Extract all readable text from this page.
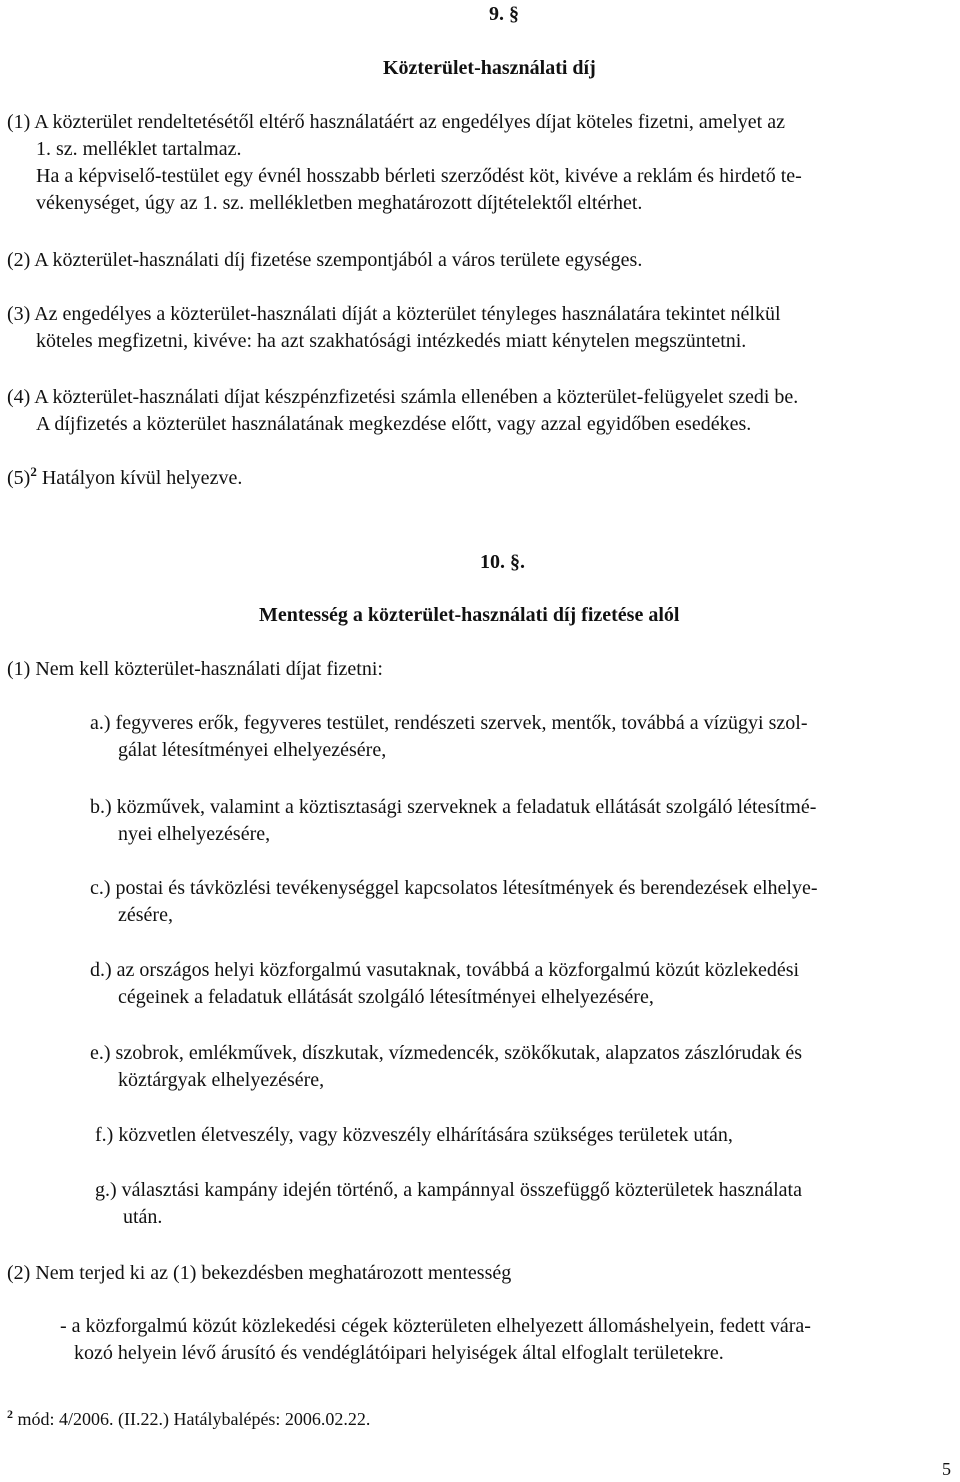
9. §
Közterület-használati díj
(1) A közterület rendeltetésétől eltérő használatáért az engedélyes díjat köteles fizetni, amelyet az
1. sz. melléklet tartalmaz.
Ha a képviselő-testület egy évnél hosszabb bérleti szerződést köt, kivéve a reklám és hirdető te-
vékenységet, úgy az 1. sz. mellékletben meghatározott díjtételektől eltérhet.
(2) A közterület-használati díj fizetése szempontjából a város területe egységes.
(3) Az engedélyes a közterület-használati díját a közterület tényleges használatára tekintet nélkül
köteles megfizetni, kivéve: ha azt szakhatósági intézkedés miatt kénytelen megszüntetni.
(4) A közterület-használati díjat készpénzfizetési számla ellenében a közterület-felügyelet szedi be.
A díjfizetés a közterület használatának megkezdése előtt, vagy azzal egyidőben esedékes.
$(5)^2$ Hatályon kívül helyezve.
10. §.
Mentesség a közterület-használati díj fizetése alól
(1) Nem kell közterület-használati díjat fizetni:
a.) fegyveres erők, fegyveres testület, rendészeti szervek, mentők, továbbá a vízügyi szol-
gálat létesítményei elhelyezésére,
b.) közművek, valamint a köztisztasági szerveknek a feladatuk ellátását szolgáló létesítmé-
nyei elhelyezésére,
c.) postai és távközlési tevékenységgel kapcsolatos létesítmények és berendezések elhelye-
zésére,
d.) az országos helyi közforgalmú vasutaknak, továbbá a közforgalmú közút közlekedési
cégeinek a feladatuk ellátását szolgáló létesítményei elhelyezésére,
e.) szobrok, emlékművek, díszkutak, vízmedencék, szökőkutak, alapzatos zászlórudak és
köztárgyak elhelyezésére,
f.) közvetlen életveszély, vagy közveszély elhárítására szükséges területek után,
g.) választási kampány idején történő, a kampánnyal összefüggő közterületek használata
után.
(2) Nem terjed ki az (1) bekezdésben meghatározott mentesség
- a közforgalmú közút közlekedési cégek közterületen elhelyezett állomáshelyein, fedett vára-
kozó helyein lévő árusító és vendéglátóipari helyiségek által elfoglalt területekre.
$^2$ mód: 4/2006. (II.22.) Hatálybalépés: 2006.02.22.
5
